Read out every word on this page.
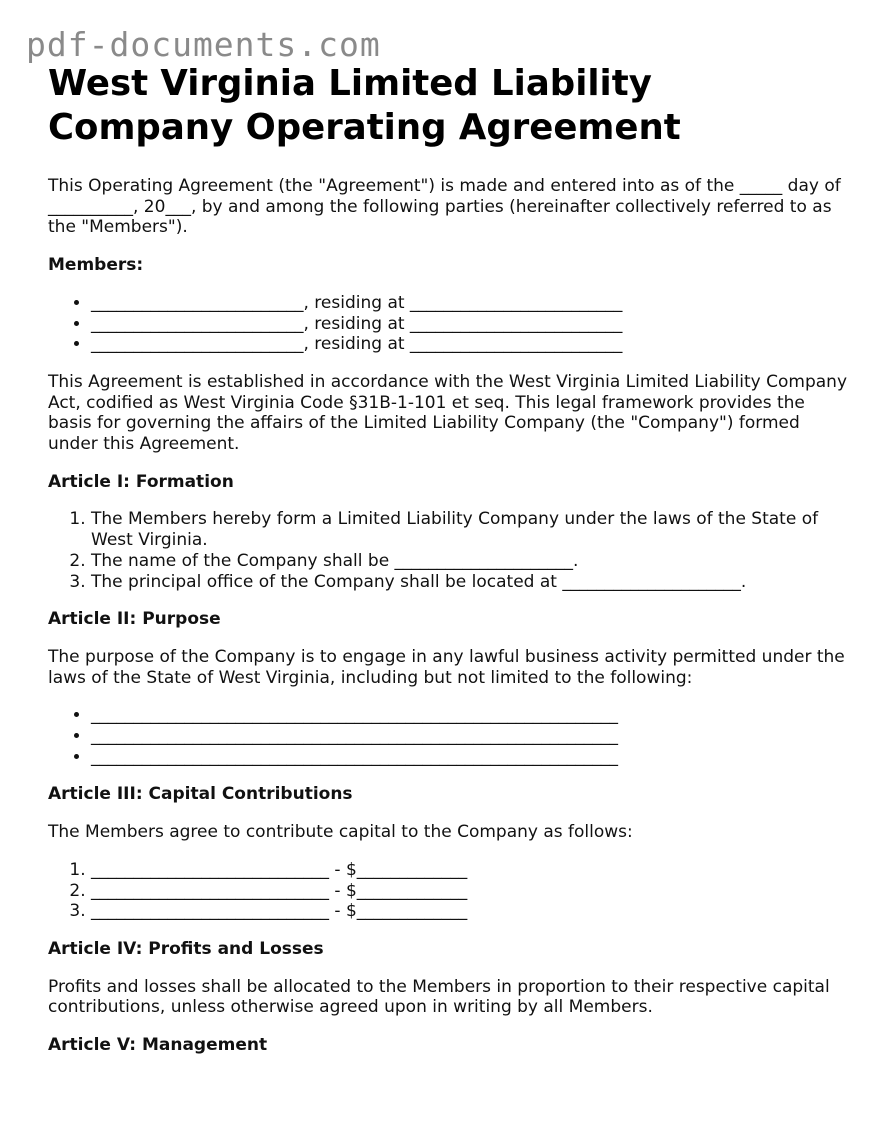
pdf-documents.com
West Virginia Limited Liability Company Operating Agreement

This Operating Agreement (the "Agreement") is made and entered into as of the _____ day of __________, 20___, by and among the following parties (hereinafter collectively referred to as the "Members").

Members:
• _________________________, residing at _________________________
• _________________________, residing at _________________________
• _________________________, residing at _________________________

This Agreement is established in accordance with the West Virginia Limited Liability Company Act, codified as West Virginia Code §31B-1-101 et seq. This legal framework provides the basis for governing the affairs of the Limited Liability Company (the "Company") formed under this Agreement.

Article I: Formation
1. The Members hereby form a Limited Liability Company under the laws of the State of West Virginia.
2. The name of the Company shall be _____________________.
3. The principal office of the Company shall be located at _____________________.
Article II: Purpose

The purpose of the Company is to engage in any lawful business activity permitted under the laws of the State of West Virginia, including but not limited to the following:

• ______________________________________________________________
• ______________________________________________________________
• ______________________________________________________________
Article III: Capital Contributions

The Members agree to contribute capital to the Company as follows:

1. ____________________________ - $_____________
2. ____________________________ - $_____________
3. ____________________________ - $_____________
Article IV: Profits and Losses

Profits and losses shall be allocated to the Members in proportion to their respective capital contributions, unless otherwise agreed upon in writing by all Members.

Article V: Management
